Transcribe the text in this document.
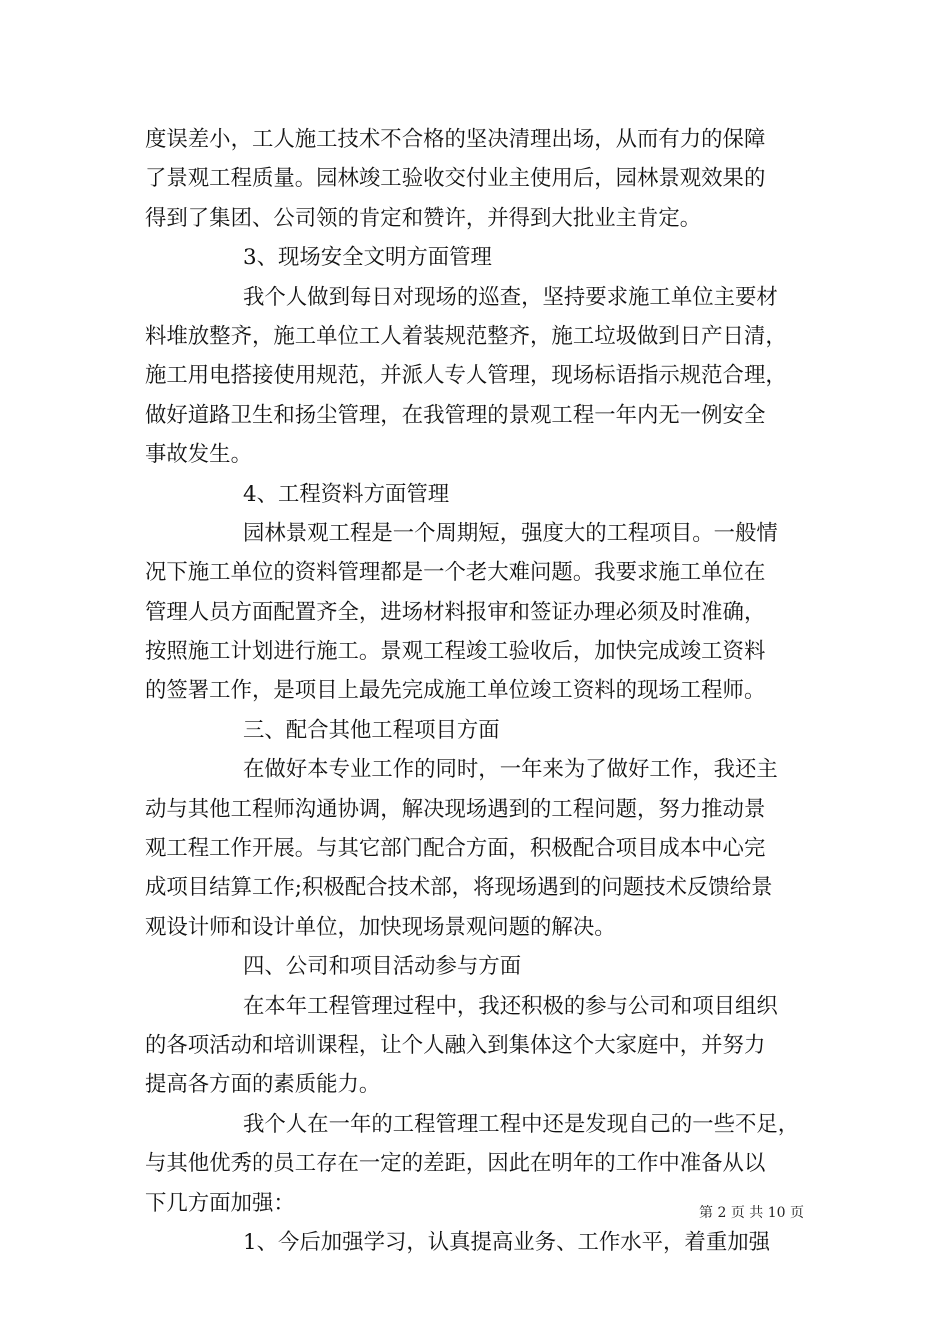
度误差小，工人施工技术不合格的坚决清理出场，从而有力的保障
了景观工程质量。园林竣工验收交付业主使用后，园林景观效果的
得到了集团、公司领的肯定和赞许，并得到大批业主肯定。
3、现场安全文明方面管理
我个人做到每日对现场的巡查，坚持要求施工单位主要材
料堆放整齐，施工单位工人着装规范整齐，施工垃圾做到日产日清，
施工用电搭接使用规范，并派人专人管理，现场标语指示规范合理，
做好道路卫生和扬尘管理，在我管理的景观工程一年内无一例安全
事故发生。
4、工程资料方面管理
园林景观工程是一个周期短，强度大的工程项目。一般情
况下施工单位的资料管理都是一个老大难问题。我要求施工单位在
管理人员方面配置齐全，进场材料报审和签证办理必须及时准确，
按照施工计划进行施工。景观工程竣工验收后，加快完成竣工资料
的签署工作，是项目上最先完成施工单位竣工资料的现场工程师。
三、配合其他工程项目方面
在做好本专业工作的同时，一年来为了做好工作，我还主
动与其他工程师沟通协调，解决现场遇到的工程问题，努力推动景
观工程工作开展。与其它部门配合方面，积极配合项目成本中心完
成项目结算工作;积极配合技术部，将现场遇到的问题技术反馈给景
观设计师和设计单位，加快现场景观问题的解决。
四、公司和项目活动参与方面
在本年工程管理过程中，我还积极的参与公司和项目组织
的各项活动和培训课程，让个人融入到集体这个大家庭中，并努力
提高各方面的素质能力。
我个人在一年的工程管理工程中还是发现自己的一些不足，
与其他优秀的员工存在一定的差距，因此在明年的工作中准备从以
下几方面加强：
1、今后加强学习，认真提高业务、工作水平，着重加强
第 2 页 共 10 页
